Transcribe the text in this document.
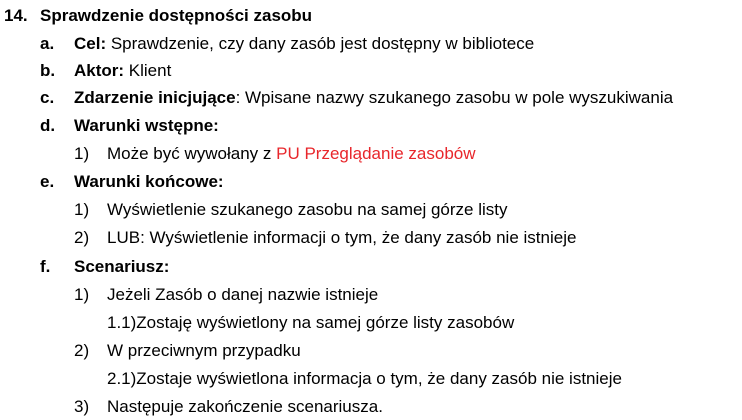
14. Sprawdzenie dostępności zasobu
a. Cel: Sprawdzenie, czy dany zasób jest dostępny w bibliotece
b. Aktor: Klient
c. Zdarzenie inicjujące: Wpisane nazwy szukanego zasobu w pole wyszukiwania
d. Warunki wstępne:
1) Może być wywołany z PU Przeglądanie zasobów
e. Warunki końcowe:
1) Wyświetlenie szukanego zasobu na samej górze listy
2) LUB: Wyświetlenie informacji o tym, że dany zasób nie istnieje
f. Scenariusz:
1) Jeżeli Zasób o danej nazwie istnieje
1.1)Zostaję wyświetlony na samej górze listy zasobów
2) W przeciwnym przypadku
2.1)Zostaje wyświetlona informacja o tym, że dany zasób nie istnieje
3) Następuje zakończenie scenariusza.
